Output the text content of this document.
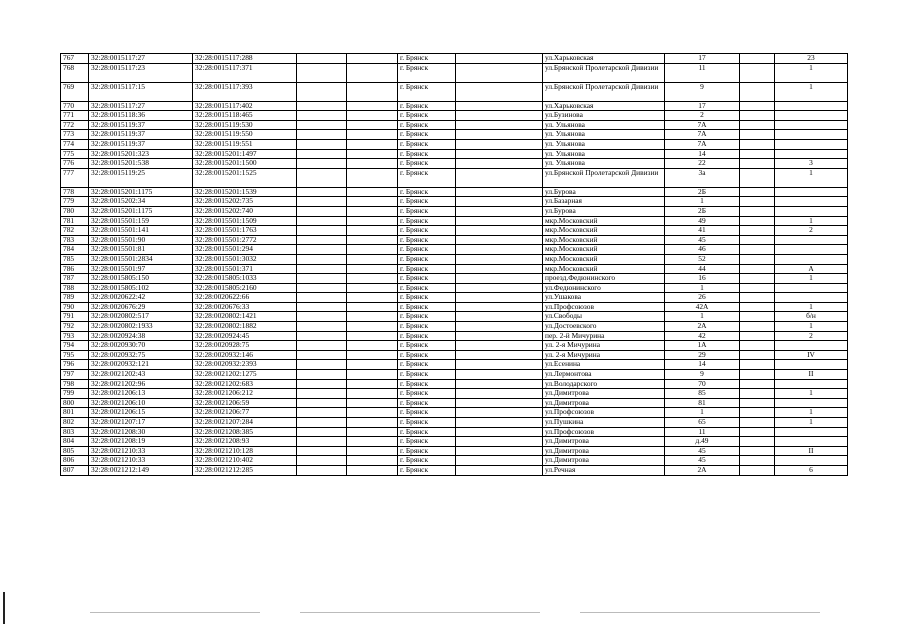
767	32:28:0015117:27	32:28:0015117:288			г. Брянск		ул.Харьковская	17		23
768	32:28:0015117:23	32:28:0015117:371			г. Брянск		ул.Брянской Пролетарской Дивизии	11		1
769	32:28:0015117:15	32:28:0015117:393			г. Брянск		ул.Брянской Пролетарской Дивизии	9		1
770	32:28:0015117:27	32:28:0015117:402			г. Брянск		ул.Харьковская	17		
771	32:28:0015118:36	32:28:0015118:465			г. Брянск		ул.Бузинова	2		
772	32:28:0015119:37	32:28:0015119:530			г. Брянск		ул. Ульянова	7А		
773	32:28:0015119:37	32:28:0015119:550			г. Брянск		ул. Ульянова	7А		
774	32:28:0015119:37	32:28:0015119:551			г. Брянск		ул. Ульянова	7А		
775	32:28:0015201:323	32:28:0015201:1497			г. Брянск		ул. Ульянова	14		
776	32:28:0015201:538	32:28:0015201:1500			г. Брянск		ул. Ульянова	22		3
777	32:28:0015119:25	32:28:0015201:1525			г. Брянск		ул.Брянской Пролетарской Дивизии	3а		1
778	32:28:0015201:1175	32:28:0015201:1539			г. Брянск		ул.Бурова	2Б		
779	32:28:0015202:34	32:28:0015202:735			г. Брянск		ул.Базарная	1		
780	32:28:0015201:1175	32:28:0015202:740			г. Брянск		ул.Бурова	2Б		
781	32:28:0015501:159	32:28:0015501:1509			г. Брянск		мкр.Московский	49		1
782	32:28:0015501:141	32:28:0015501:1763			г. Брянск		мкр.Московский	41		2
783	32:28:0015501:90	32:28:0015501:2772			г. Брянск		мкр.Московский	45		
784	32:28:0015501:81	32:28:0015501:294			г. Брянск		мкр.Московский	46		
785	32:28:0015501:2834	32:28:0015501:3032			г. Брянск		мкр.Московский	52		
786	32:28:0015501:97	32:28:0015501:371			г. Брянск		мкр.Московский	44		А
787	32:28:0015805:150	32:28:0015805:1033			г. Брянск		проезд.Федюнинского	16		1
788	32:28:0015805:102	32:28:0015805:2160			г. Брянск		ул.Федюнинского	1		
789	32:28:0020622:42	32:28:0020622:66			г. Брянск		ул.Ушакова	26		
790	32:28:0020676:29	32:28:0020676:33			г. Брянск		ул.Профсоюзов	42А		1
791	32:28:0020802:517	32:28:0020802:1421			г. Брянск		ул.Свободы	1		б/н
792	32:28:0020802:1933	32:28:0020802:1882			г. Брянск		ул.Достоевского	2А		1
793	32:28:0020924:38	32:28:0020924:45			г. Брянск		пер. 2-й Мичурина	42		2
794	32:28:0020930:70	32:28:0020928:75			г. Брянск		ул. 2-я Мичурина	1А		
795	32:28:0020932:75	32:28:0020932:146			г. Брянск		ул. 2-я Мичурина	29		IV
796	32:28:0020932:121	32:28:0020932:2393			г. Брянск		ул.Есенина	14		
797	32:28:0021202:43	32:28:0021202:1275			г. Брянск		ул.Лермонтова	9		II
798	32:28:0021202:96	32:28:0021202:683			г. Брянск		ул.Володарского	70		
799	32:28:0021206:13	32:28:0021206:212			г. Брянск		ул.Димитрова	85		1
800	32:28:0021206:10	32:28:0021206:59			г. Брянск		ул.Димитрова	81		
801	32:28:0021206:15	32:28:0021206:77			г. Брянск		ул.Профсоюзов	1		1
802	32:28:0021207:17	32:28:0021207:284			г. Брянск		ул.Пушкина	65		1
803	32:28:0021208:30	32:28:0021208:385			г. Брянск		ул.Профсоюзов	11		
804	32:28:0021208:19	32:28:0021208:93			г. Брянск		ул.Димитрова	д.49		
805	32:28:0021210:33	32:28:0021210:128			г. Брянск		ул.Димитрова	45		II
806	32:28:0021210:33	32:28:0021210:402			г. Брянск		ул.Димитрова	45		
807	32:28:0021212:149	32:28:0021212:285			г. Брянск		ул.Речная	2А		6
